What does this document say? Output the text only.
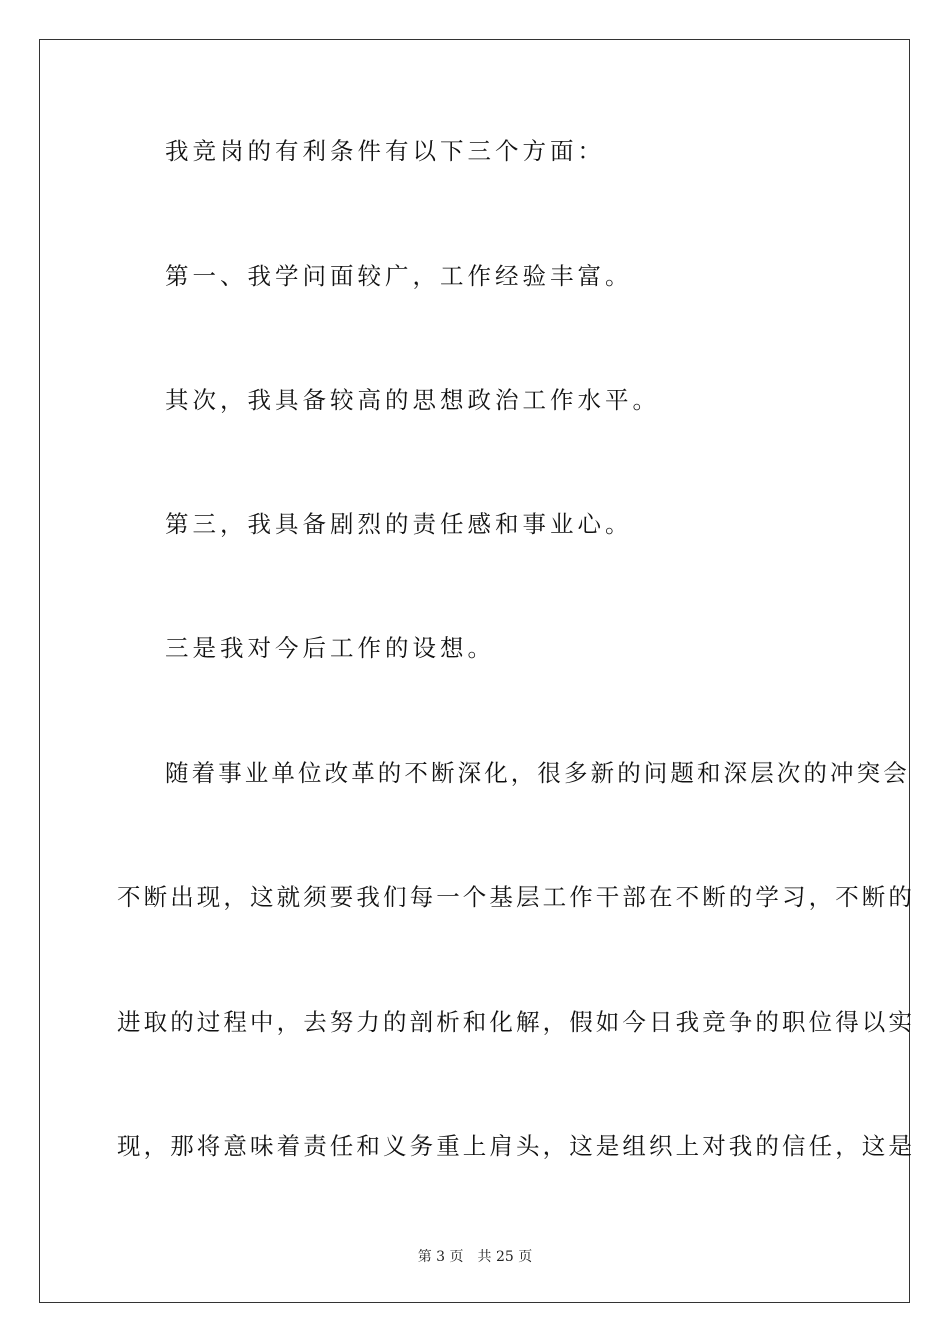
我竞岗的有利条件有以下三个方面：
第一、我学问面较广，工作经验丰富。
其次，我具备较高的思想政治工作水平。
第三，我具备剧烈的责任感和事业心。
三是我对今后工作的设想。
随着事业单位改革的不断深化，很多新的问题和深层次的冲突会
不断出现，这就须要我们每一个基层工作干部在不断的学习，不断的
进取的过程中，去努力的剖析和化解，假如今日我竞争的职位得以实
现，那将意味着责任和义务重上肩头，这是组织上对我的信任，这是
第 3 页 共 25 页
